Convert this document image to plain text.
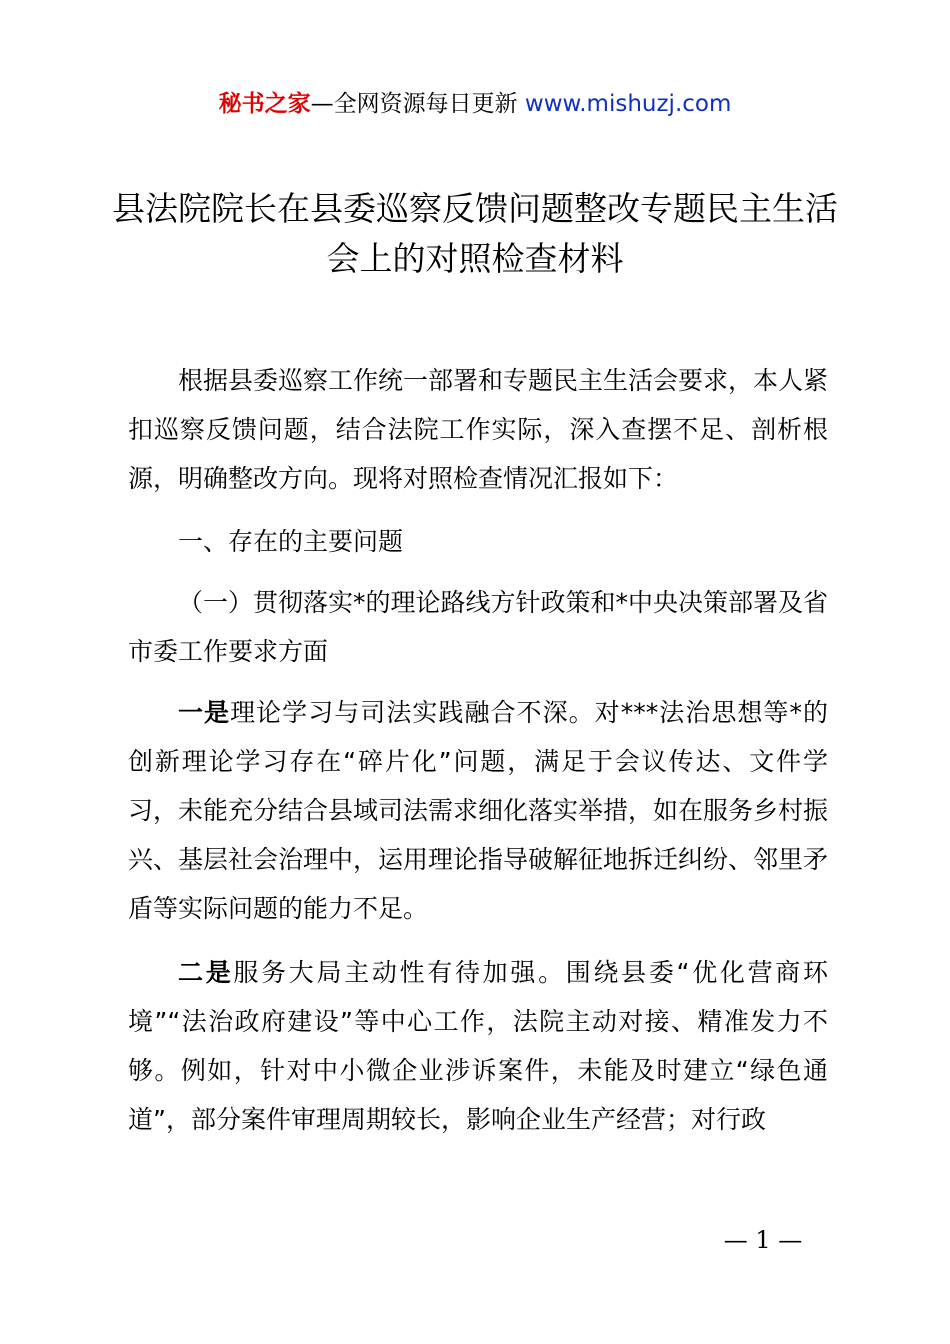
秘书之家—全网资源每日更新 www.mishuzj.com
县法院院长在县委巡察反馈问题整改专题民主生活会上的对照检查材料

根据县委巡察工作统一部署和专题民主生活会要求，本人紧扣巡察反馈问题，结合法院工作实际，深入查摆不足、剖析根源，明确整改方向。现将对照检查情况汇报如下：

一、存在的主要问题

（一）贯彻落实*的理论路线方针政策和*中央决策部署及省市委工作要求方面

一是理论学习与司法实践融合不深。对***法治思想等*的创新理论学习存在“碎片化”问题，满足于会议传达、文件学习，未能充分结合县域司法需求细化落实举措，如在服务乡村振兴、基层社会治理中，运用理论指导破解征地拆迁纠纷、邻里矛盾等实际问题的能力不足。

二是服务大局主动性有待加强。围绕县委“优化营商环境”“法治政府建设”等中心工作，法院主动对接、精准发力不够。例如，针对中小微企业涉诉案件，未能及时建立“绿色通道”，部分案件审理周期较长，影响企业生产经营；对行政

— 1 —
